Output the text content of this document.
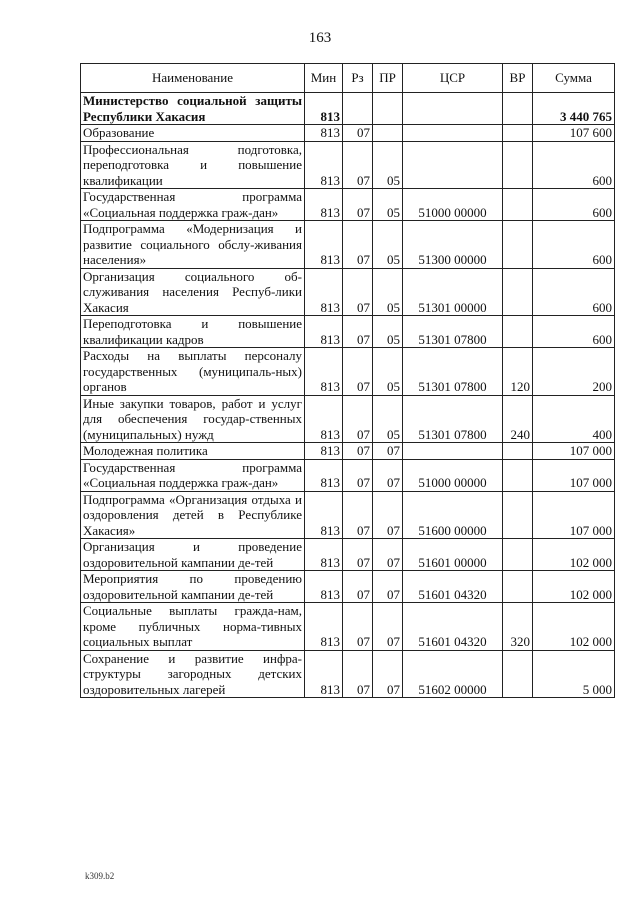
163
Наименование	Мин	Рз	ПР	ЦСР	ВР	Сумма
Министерство социальной защиты Республики Хакасия	813					3 440 765
Образование	813	07				107 600
Профессиональная подготовка, переподготовка и повышение квалификации	813	07	05			600
Государственная программа «Социальная поддержка граж-дан»	813	07	05	51000 00000		600
Подпрограмма «Модернизация и развитие социального обслу-живания населения»	813	07	05	51300 00000		600
Организация социального об-служивания населения Респуб-лики Хакасия	813	07	05	51301 00000		600
Переподготовка и повышение квалификации кадров	813	07	05	51301 07800		600
Расходы на выплаты персоналу государственных (муниципаль-ных) органов	813	07	05	51301 07800	120	200
Иные закупки товаров, работ и услуг для обеспечения государ-ственных (муниципальных) нужд	813	07	05	51301 07800	240	400
Молодежная политика	813	07	07			107 000
Государственная программа «Социальная поддержка граж-дан»	813	07	07	51000 00000		107 000
Подпрограмма «Организация отдыха и оздоровления детей в Республике Хакасия»	813	07	07	51600 00000		107 000
Организация и проведение оздоровительной кампании де-тей	813	07	07	51601 00000		102 000
Мероприятия по проведению оздоровительной кампании де-тей	813	07	07	51601 04320		102 000
Социальные выплаты гражда-нам, кроме публичных норма-тивных социальных выплат	813	07	07	51601 04320	320	102 000
Сохранение и развитие инфра-структуры загородных детских оздоровительных лагерей	813	07	07	51602 00000		5 000
k309.b2
